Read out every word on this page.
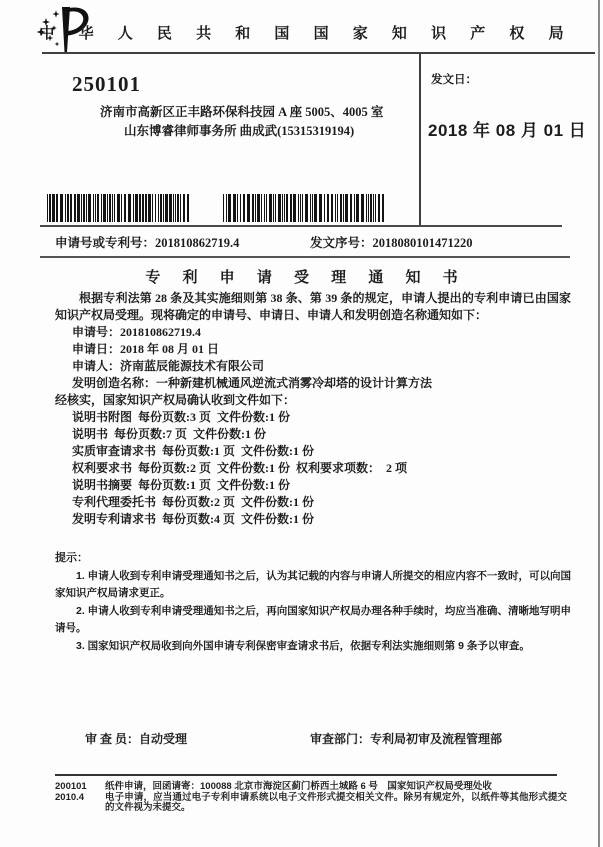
中 华 人 民 共 和 国 国 家 知 识 产 权 局
250101
济南市高新区正丰路环保科技园 A 座 5005、4005 室
山东博睿律师事务所 曲成武(15315319194)
发文日：
2018 年 08 月 01 日
申请号或专利号：201810862719.4	发文序号：2018080101471220
专 利 申 请 受 理 通 知 书

根据专利法第 28 条及其实施细则第 38 条、第 39 条的规定，申请人提出的专利申请已由国家知识产权局受理。现将确定的申请号、申请日、申请人和发明创造名称通知如下：

申请号：201810862719.4
申请日：2018 年 08 月 01 日
申请人：济南蓝辰能源技术有限公司
发明创造名称：一种新建机械通风逆流式消雾冷却塔的设计计算方法

经核实，国家知识产权局确认收到文件如下：

说明书附图  每份页数:3 页  文件份数:1 份
说明书  每份页数:7 页  文件份数:1 份
实质审查请求书  每份页数:1 页  文件份数:1 份
权利要求书  每份页数:2 页  文件份数:1 份  权利要求项数：  2 项
说明书摘要  每份页数:1 页  文件份数:1 份
专利代理委托书  每份页数:2 页  文件份数:1 份
发明专利请求书  每份页数:4 页  文件份数:1 份
提示：

1. 申请人收到专利申请受理通知书之后，认为其记载的内容与申请人所提交的相应内容不一致时，可以向国家知识产权局请求更正。

2. 申请人收到专利申请受理通知书之后，再向国家知识产权局办理各种手续时，均应当准确、清晰地写明申请号。

3. 国家知识产权局收到向外国申请专利保密审查请求书后，依据专利法实施细则第 9 条予以审查。

审 查 员：自动受理	审查部门：专利局初审及流程管理部
200101	纸件申请，回函请寄：100088 北京市海淀区蓟门桥西土城路 6 号　国家知识产权局受理处收
2010.4	电子申请，应当通过电子专利申请系统以电子文件形式提交相关文件。除另有规定外，以纸件等其他形式提交的文件视为未提交。
